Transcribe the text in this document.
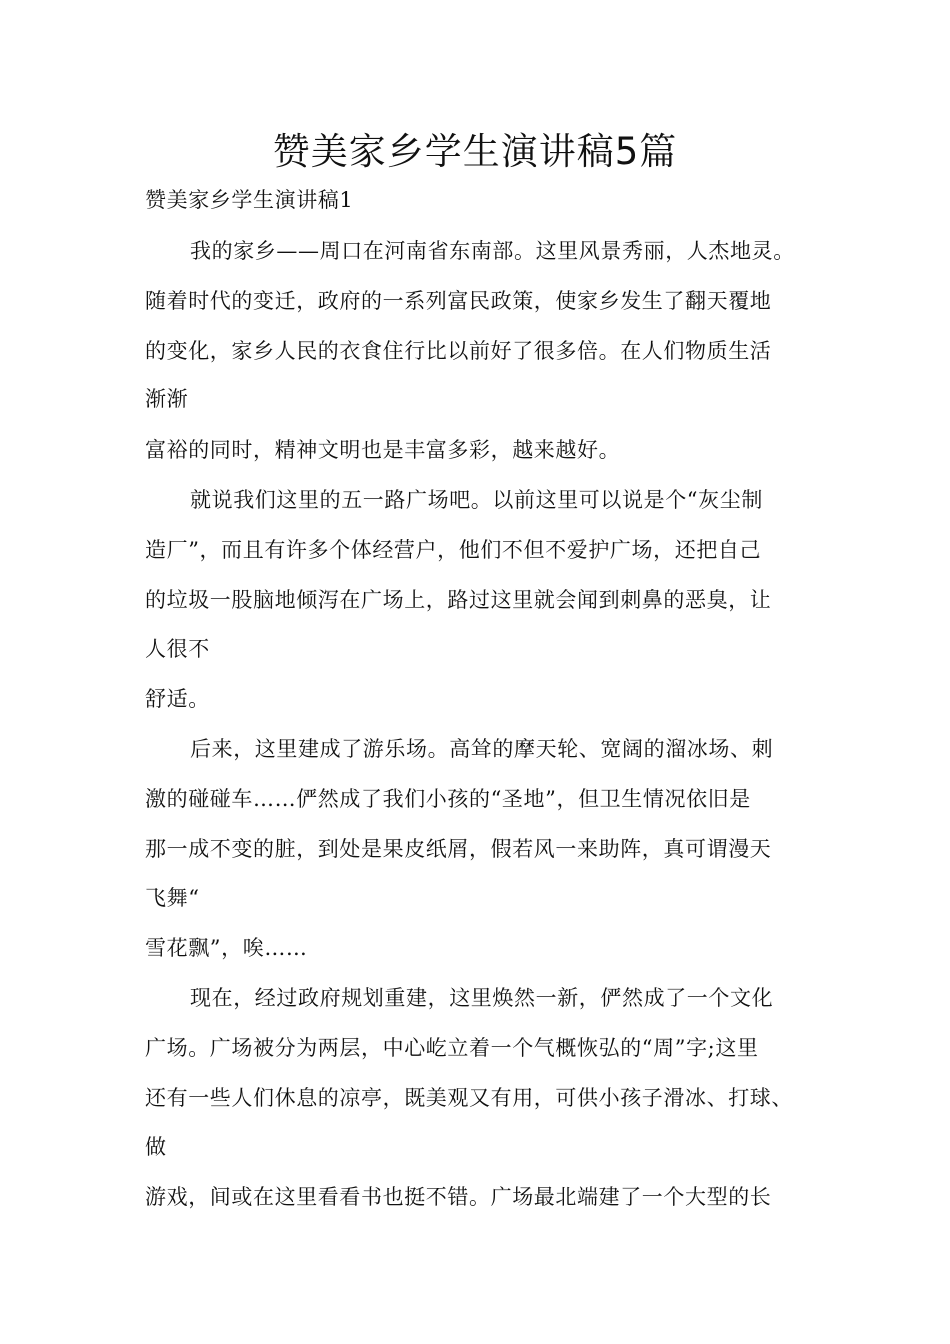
赞美家乡学生演讲稿5篇
赞美家乡学生演讲稿1
我的家乡——周口在河南省东南部。这里风景秀丽，人杰地灵。
随着时代的变迁，政府的一系列富民政策，使家乡发生了翻天覆地
的变化，家乡人民的衣食住行比以前好了很多倍。在人们物质生活
渐渐
富裕的同时，精神文明也是丰富多彩，越来越好。
就说我们这里的五一路广场吧。以前这里可以说是个“灰尘制
造厂”，而且有许多个体经营户，他们不但不爱护广场，还把自己
的垃圾一股脑地倾泻在广场上，路过这里就会闻到刺鼻的恶臭，让
人很不
舒适。
后来，这里建成了游乐场。高耸的摩天轮、宽阔的溜冰场、刺
激的碰碰车……俨然成了我们小孩的“圣地”，但卫生情况依旧是
那一成不变的脏，到处是果皮纸屑，假若风一来助阵，真可谓漫天
飞舞“
雪花飘”，唉……
现在，经过政府规划重建，这里焕然一新，俨然成了一个文化
广场。广场被分为两层，中心屹立着一个气概恢弘的“周”字;这里
还有一些人们休息的凉亭，既美观又有用，可供小孩子滑冰、打球、
做
游戏，间或在这里看看书也挺不错。广场最北端建了一个大型的长
